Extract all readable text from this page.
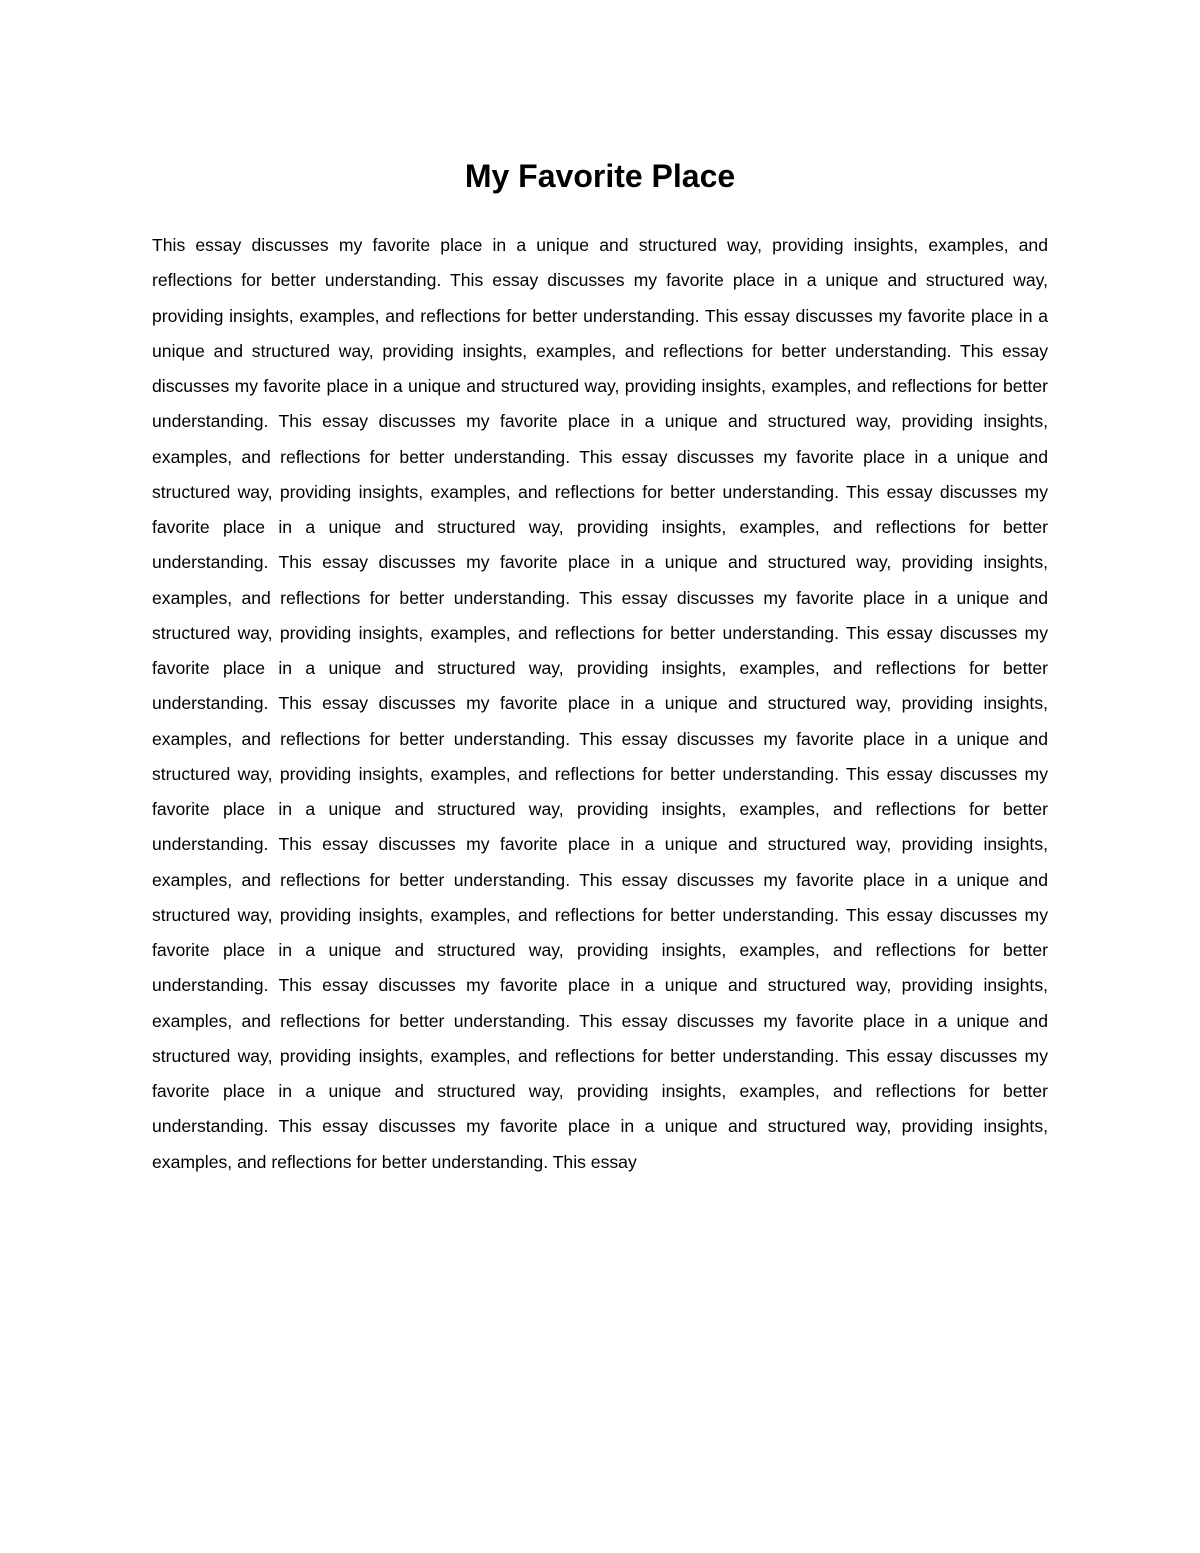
My Favorite Place

This essay discusses my favorite place in a unique and structured way, providing insights, examples, and reflections for better understanding. This essay discusses my favorite place in a unique and structured way, providing insights, examples, and reflections for better understanding. This essay discusses my favorite place in a unique and structured way, providing insights, examples, and reflections for better understanding. This essay discusses my favorite place in a unique and structured way, providing insights, examples, and reflections for better understanding. This essay discusses my favorite place in a unique and structured way, providing insights, examples, and reflections for better understanding. This essay discusses my favorite place in a unique and structured way, providing insights, examples, and reflections for better understanding. This essay discusses my favorite place in a unique and structured way, providing insights, examples, and reflections for better understanding. This essay discusses my favorite place in a unique and structured way, providing insights, examples, and reflections for better understanding. This essay discusses my favorite place in a unique and structured way, providing insights, examples, and reflections for better understanding. This essay discusses my favorite place in a unique and structured way, providing insights, examples, and reflections for better understanding. This essay discusses my favorite place in a unique and structured way, providing insights, examples, and reflections for better understanding. This essay discusses my favorite place in a unique and structured way, providing insights, examples, and reflections for better understanding. This essay discusses my favorite place in a unique and structured way, providing insights, examples, and reflections for better understanding. This essay discusses my favorite place in a unique and structured way, providing insights, examples, and reflections for better understanding. This essay discusses my favorite place in a unique and structured way, providing insights, examples, and reflections for better understanding. This essay discusses my favorite place in a unique and structured way, providing insights, examples, and reflections for better understanding. This essay discusses my favorite place in a unique and structured way, providing insights, examples, and reflections for better understanding. This essay discusses my favorite place in a unique and structured way, providing insights, examples, and reflections for better understanding. This essay discusses my favorite place in a unique and structured way, providing insights, examples, and reflections for better understanding. This essay discusses my favorite place in a unique and structured way, providing insights, examples, and reflections for better understanding. This essay
